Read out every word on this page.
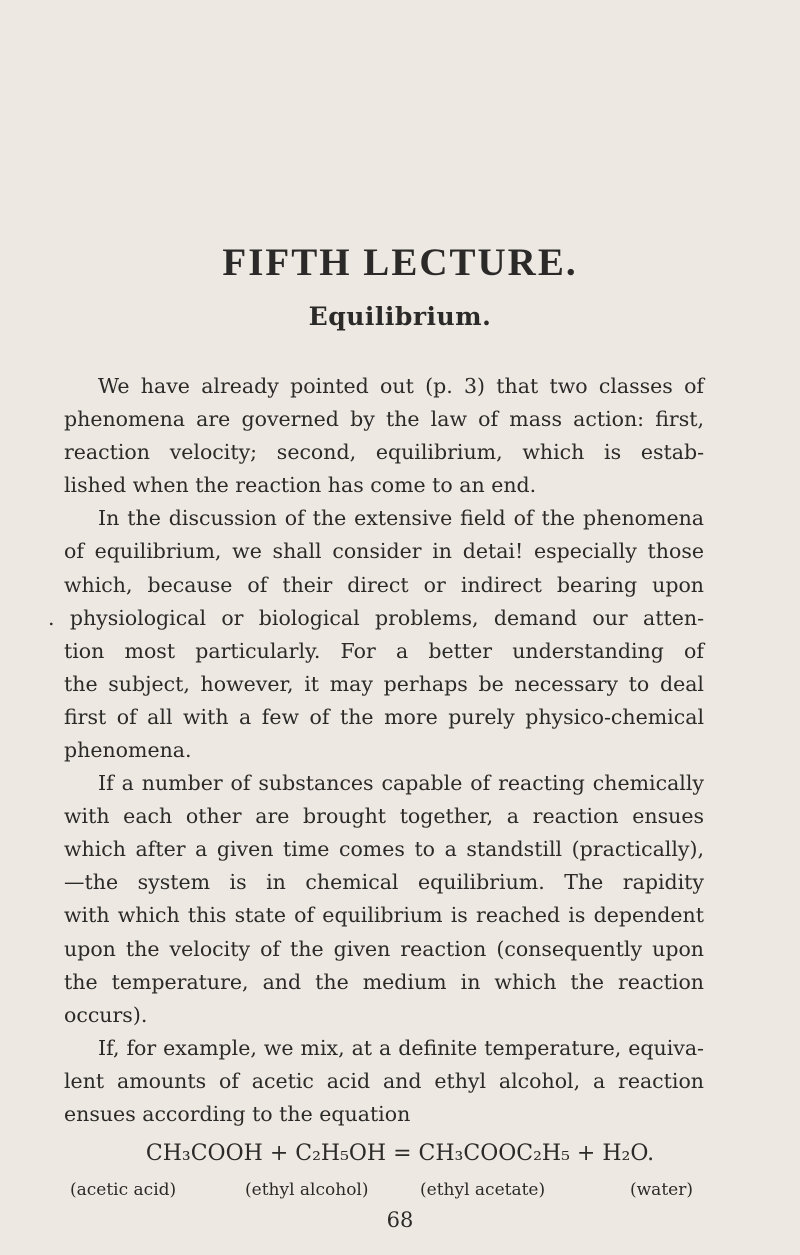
FIFTH LECTURE.
Equilibrium.
We have already pointed out (p. 3) that two classes of
phenomena are governed by the law of mass action: first,
reaction velocity; second, equilibrium, which is estab-
lished when the reaction has come to an end.
In the discussion of the extensive field of the phenomena
of equilibrium, we shall consider in detai! especially those
which, because of their direct or indirect bearing upon
. physiological or biological problems, demand our atten-
tion most particularly. For a better understanding of
the subject, however, it may perhaps be necessary to deal
first of all with a few of the more purely physico-chemical
phenomena.
If a number of substances capable of reacting chemically
with each other are brought together, a reaction ensues
which after a given time comes to a standstill (practically),
—the system is in chemical equilibrium. The rapidity
with which this state of equilibrium is reached is dependent
upon the velocity of the given reaction (consequently upon
the temperature, and the medium in which the reaction
occurs).
If, for example, we mix, at a definite temperature, equiva-
lent amounts of acetic acid and ethyl alcohol, a reaction
ensues according to the equation
CH₃COOH + C₂H₅OH = CH₃COOC₂H₅ + H₂O.
(acetic acid)	(ethyl alcohol)	(ethyl acetate)	(water)
68
